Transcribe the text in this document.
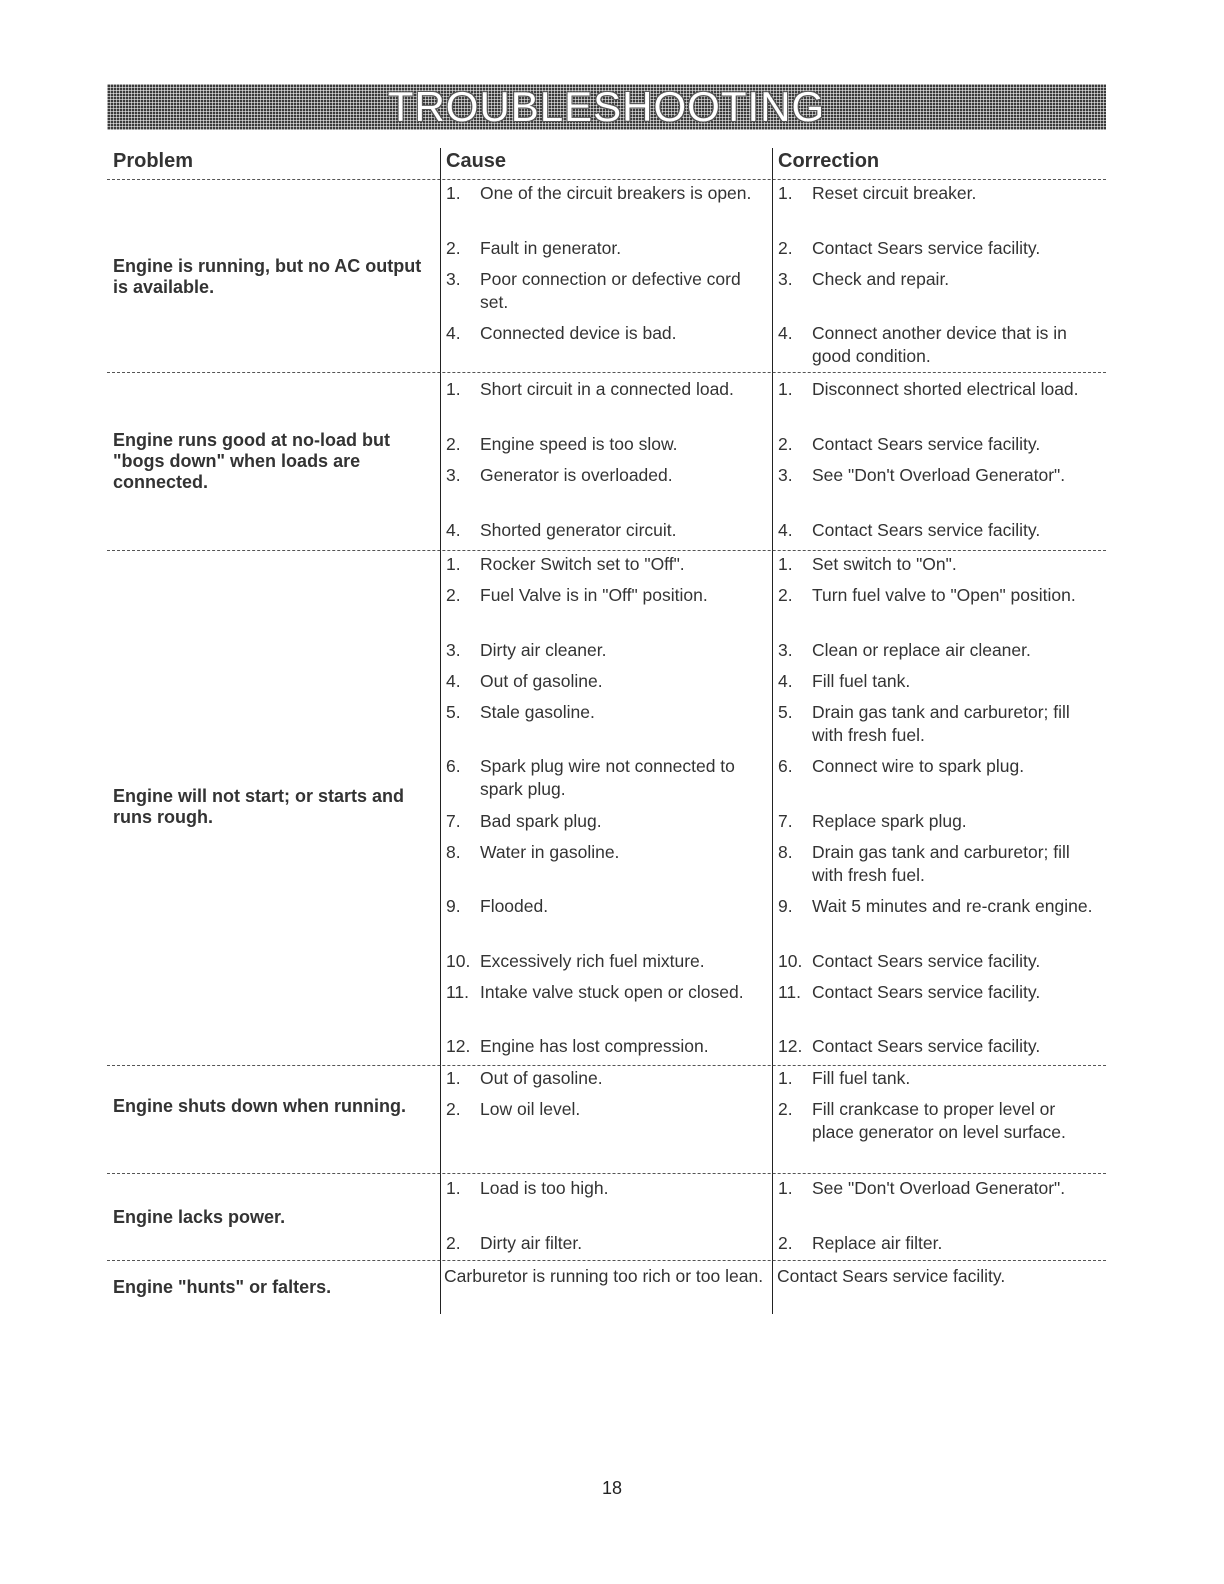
TROUBLESHOOTING
Problem	Cause	Correction
Engine is running, but no AC output is available.
1. One of the circuit breakers is open.
2. Fault in generator.
3. Poor connection or defective cord set.
4. Connected device is bad.
1. Reset circuit breaker.
2. Contact Sears service facility.
3. Check and repair.
4. Connect another device that is in good condition.
Engine runs good at no-load but "bogs down" when loads are connected.
1. Short circuit in a connected load.
2. Engine speed is too slow.
3. Generator is overloaded.
4. Shorted generator circuit.
1. Disconnect shorted electrical load.
2. Contact Sears service facility.
3. See "Don't Overload Generator".
4. Contact Sears service facility.
Engine will not start; or starts and runs rough.
1. Rocker Switch set to "Off".
2. Fuel Valve is in "Off" position.
3. Dirty air cleaner.
4. Out of gasoline.
5. Stale gasoline.
6. Spark plug wire not connected to spark plug.
7. Bad spark plug.
8. Water in gasoline.
9. Flooded.
10. Excessively rich fuel mixture.
11. Intake valve stuck open or closed.
12. Engine has lost compression.
1. Set switch to "On".
2. Turn fuel valve to "Open" position.
3. Clean or replace air cleaner.
4. Fill fuel tank.
5. Drain gas tank and carburetor; fill with fresh fuel.
6. Connect wire to spark plug.
7. Replace spark plug.
8. Drain gas tank and carburetor; fill with fresh fuel.
9. Wait 5 minutes and re-crank engine.
10. Contact Sears service facility.
11. Contact Sears service facility.
12. Contact Sears service facility.
Engine shuts down when running.
1. Out of gasoline.
2. Low oil level.
1. Fill fuel tank.
2. Fill crankcase to proper level or place generator on level surface.
Engine lacks power.
1. Load is too high.
2. Dirty air filter.
1. See "Don't Overload Generator".
2. Replace air filter.
Engine "hunts" or falters.
Carburetor is running too rich or too lean. Contact Sears service facility.
18
